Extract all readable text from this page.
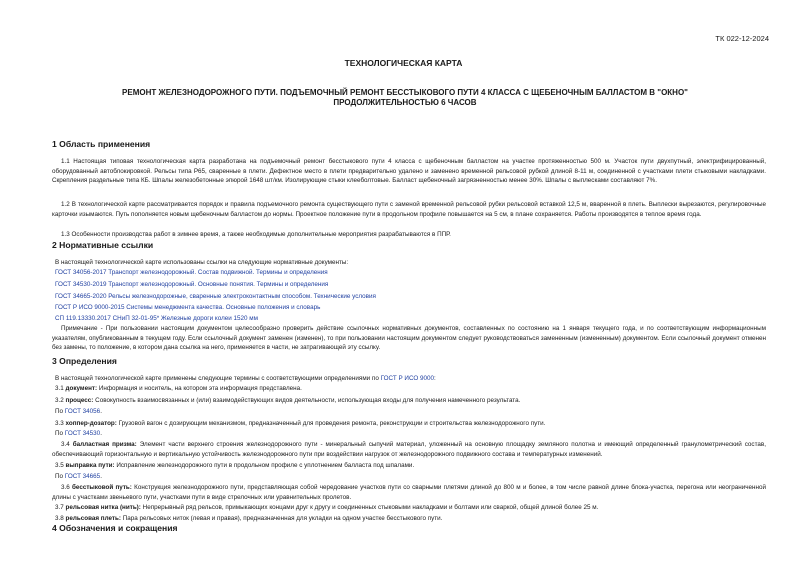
ТК 022-12-2024
ТЕХНОЛОГИЧЕСКАЯ КАРТА
РЕМОНТ ЖЕЛЕЗНОДОРОЖНОГО ПУТИ. ПОДЪЕМОЧНЫЙ РЕМОНТ БЕССТЫКОВОГО ПУТИ 4 КЛАССА С ЩЕБЕНОЧНЫМ БАЛЛАСТОМ В "ОКНО" ПРОДОЛЖИТЕЛЬНОСТЬЮ 6 ЧАСОВ
1 Область применения
1.1 Настоящая типовая технологическая карта разработана на подъемочный ремонт бесстыкового пути 4 класса с щебеночным балластом на участке протяженностью 500 м. Участок пути двухпутный, электрифицированный, оборудованный автоблокировкой. Рельсы типа Р65, сваренные в плети. Дефектное место в плети предварительно удалено и заменено временной рельсовой рубкой длиной 8-11 м, соединенной с участками плети стыковыми накладками. Скрепления раздельные типа КБ. Шпалы железобетонные эпюрой 1648 шт/км. Изолирующие стыки клееболтовые. Балласт щебеночный загрязненностью менее 30%. Шпалы с выплесками составляют 7%.
1.2 В технологической карте рассматривается порядок и правила подъемочного ремонта существующего пути с заменой временной рельсовой рубки рельсовой вставкой 12,5 м, вваренной в плеть. Выплески вырезаются, регулировочные карточки изымаются. Путь пополняется новым щебеночным балластом до нормы. Проектное положение пути в продольном профиле повышается на 5 см, в плане сохраняется. Работы производятся в теплое время года.
1.3 Особенности производства работ в зимнее время, а также необходимые дополнительные мероприятия разрабатываются в ППР.
2 Нормативные ссылки
В настоящей технологической карте использованы ссылки на следующие нормативные документы:
ГОСТ 34056-2017 Транспорт железнодорожный. Состав подвижной. Термины и определения
ГОСТ 34530-2019 Транспорт железнодорожный. Основные понятия. Термины и определения
ГОСТ 34665-2020 Рельсы железнодорожные, сваренные электроконтактным способом. Технические условия
ГОСТ Р ИСО 9000-2015 Системы менеджмента качества. Основные положения и словарь
СП 119.13330.2017 СНиП 32-01-95* Железные дороги колеи 1520 мм
Примечание - При пользовании настоящим документом целесообразно проверить действие ссылочных нормативных документов, составленных по состоянию на 1 января текущего года, и по соответствующим информационным указателям, опубликованным в текущем году. Если ссылочный документ заменен (изменен), то при пользовании настоящим документом следует руководствоваться замененным (измененным) документом. Если ссылочный документ отменен без замены, то положение, в котором дана ссылка на него, применяется в части, не затрагивающей эту ссылку.
3 Определения
В настоящей технологической карте применены следующие термины с соответствующими определениями по ГОСТ Р ИСО 9000:
3.1 документ: Информация и носитель, на котором эта информация представлена.
3.2 процесс: Совокупность взаимосвязанных и (или) взаимодействующих видов деятельности, использующая входы для получения намеченного результата.
По ГОСТ 34056.
3.3 хоппер-дозатор: Грузовой вагон с дозирующим механизмом, предназначенный для проведения ремонта, реконструкции и строительства железнодорожного пути.
По ГОСТ 34530.
3.4 балластная призма: Элемент части верхнего строения железнодорожного пути - минеральный сыпучий материал, уложенный на основную площадку земляного полотна и имеющий определенный гранулометрический состав, обеспечивающий горизонтальную и вертикальную устойчивость железнодорожного пути при воздействии нагрузок от железнодорожного подвижного состава и температурных изменений.
3.5 выправка пути: Исправление железнодорожного пути в продольном профиле с уплотнением балласта под шпалами.
По ГОСТ 34665.
3.6 бесстыковой путь: Конструкция железнодорожного пути, представляющая собой чередование участков пути со сварными плетями длиной до 800 м и более, в том числе равной длине блока-участка, перегона или неограниченной длины с участками звеньевого пути, участками пути в виде стрелочных или уравнительных пролетов.
3.7 рельсовая нитка (нить): Непрерывный ряд рельсов, примыкающих концами друг к другу и соединенных стыковыми накладками и болтами или сваркой, общей длиной более 25 м.
3.8 рельсовая плеть: Пара рельсовых ниток (левая и правая), предназначенная для укладки на одном участке бесстыкового пути.
4 Обозначения и сокращения
